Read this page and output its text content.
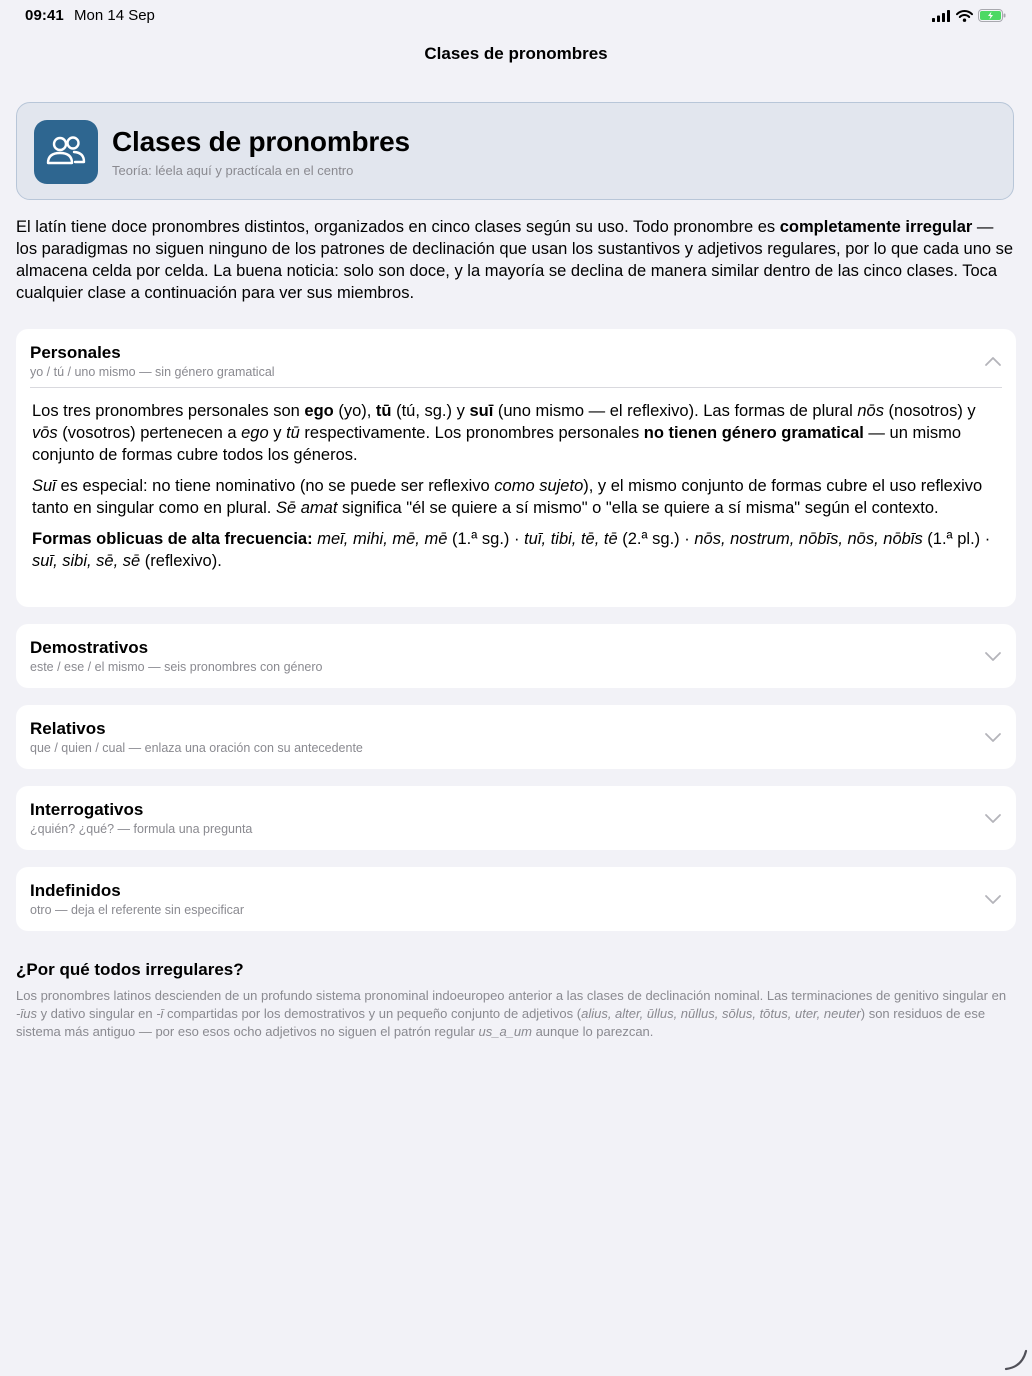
09:41 Mon 14 Sep
Clases de pronombres
Clases de pronombres
Teoría: léela aquí y practícala en el centro

El latín tiene doce pronombres distintos, organizados en cinco clases según su uso. Todo pronombre es completamente irregular — los paradigmas no siguen ninguno de los patrones de declinación que usan los sustantivos y adjetivos regulares, por lo que cada uno se almacena celda por celda. La buena noticia: solo son doce, y la mayoría se declina de manera similar dentro de las cinco clases. Toca cualquier clase a continuación para ver sus miembros.

Personales
yo / tú / uno mismo — sin género gramatical

Los tres pronombres personales son ego (yo), tū (tú, sg.) y suī (uno mismo — el reflexivo). Las formas de plural nōs (nosotros) y vōs (vosotros) pertenecen a ego y tū respectivamente. Los pronombres personales no tienen género gramatical — un mismo conjunto de formas cubre todos los géneros.

Suī es especial: no tiene nominativo (no se puede ser reflexivo como sujeto), y el mismo conjunto de formas cubre el uso reflexivo tanto en singular como en plural. Sē amat significa "él se quiere a sí mismo" o "ella se quiere a sí misma" según el contexto.

Formas oblicuas de alta frecuencia: meī, mihi, mē, mē (1.ª sg.) · tuī, tibi, tē, tē (2.ª sg.) · nōs, nostrum, nōbīs, nōs, nōbīs (1.ª pl.) · suī, sibi, sē, sē (reflexivo).

Demostrativos
este / ese / el mismo — seis pronombres con género
Relativos
que / quien / cual — enlaza una oración con su antecedente
Interrogativos
¿quién? ¿qué? — formula una pregunta
Indefinidos
otro — deja el referente sin especificar
¿Por qué todos irregulares?

Los pronombres latinos descienden de un profundo sistema pronominal indoeuropeo anterior a las clases de declinación nominal. Las terminaciones de genitivo singular en -īus y dativo singular en -ī compartidas por los demostrativos y un pequeño conjunto de adjetivos (alius, alter, ūllus, nūllus, sōlus, tōtus, uter, neuter) son residuos de ese sistema más antiguo — por eso esos ocho adjetivos no siguen el patrón regular us_a_um aunque lo parezcan.
